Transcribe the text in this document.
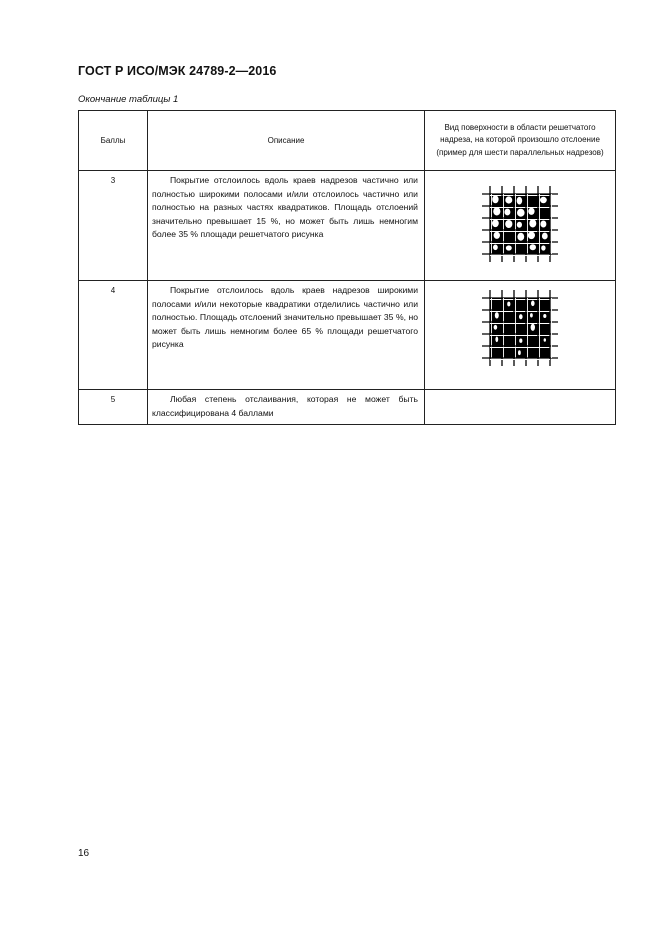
ГОСТ Р ИСО/МЭК 24789-2—2016
Окончание таблицы 1
Баллы	Описание	Вид поверхности в области решетчатого надреза, на которой произошло отслоение (пример для шести параллельных надрезов)

3	Покрытие отслоилось вдоль краев надрезов частично или полностью широкими полосами и/или отслоилось частично или полностью на разных частях квадратиков. Площадь отслоений значительно превышает 15 %, но может быть лишь немногим более 35 % площади решетчатого рисунка

4	Покрытие отслоилось вдоль краев надрезов широкими полосами и/или некоторые квадратики отделились частично или полностью. Площадь отслоений значительно превышает 35 %, но может быть лишь немногим более 65 % площади решетчатого рисунка

5	Любая степень отслаивания, которая не может быть классифицирована 4 баллами	

16
